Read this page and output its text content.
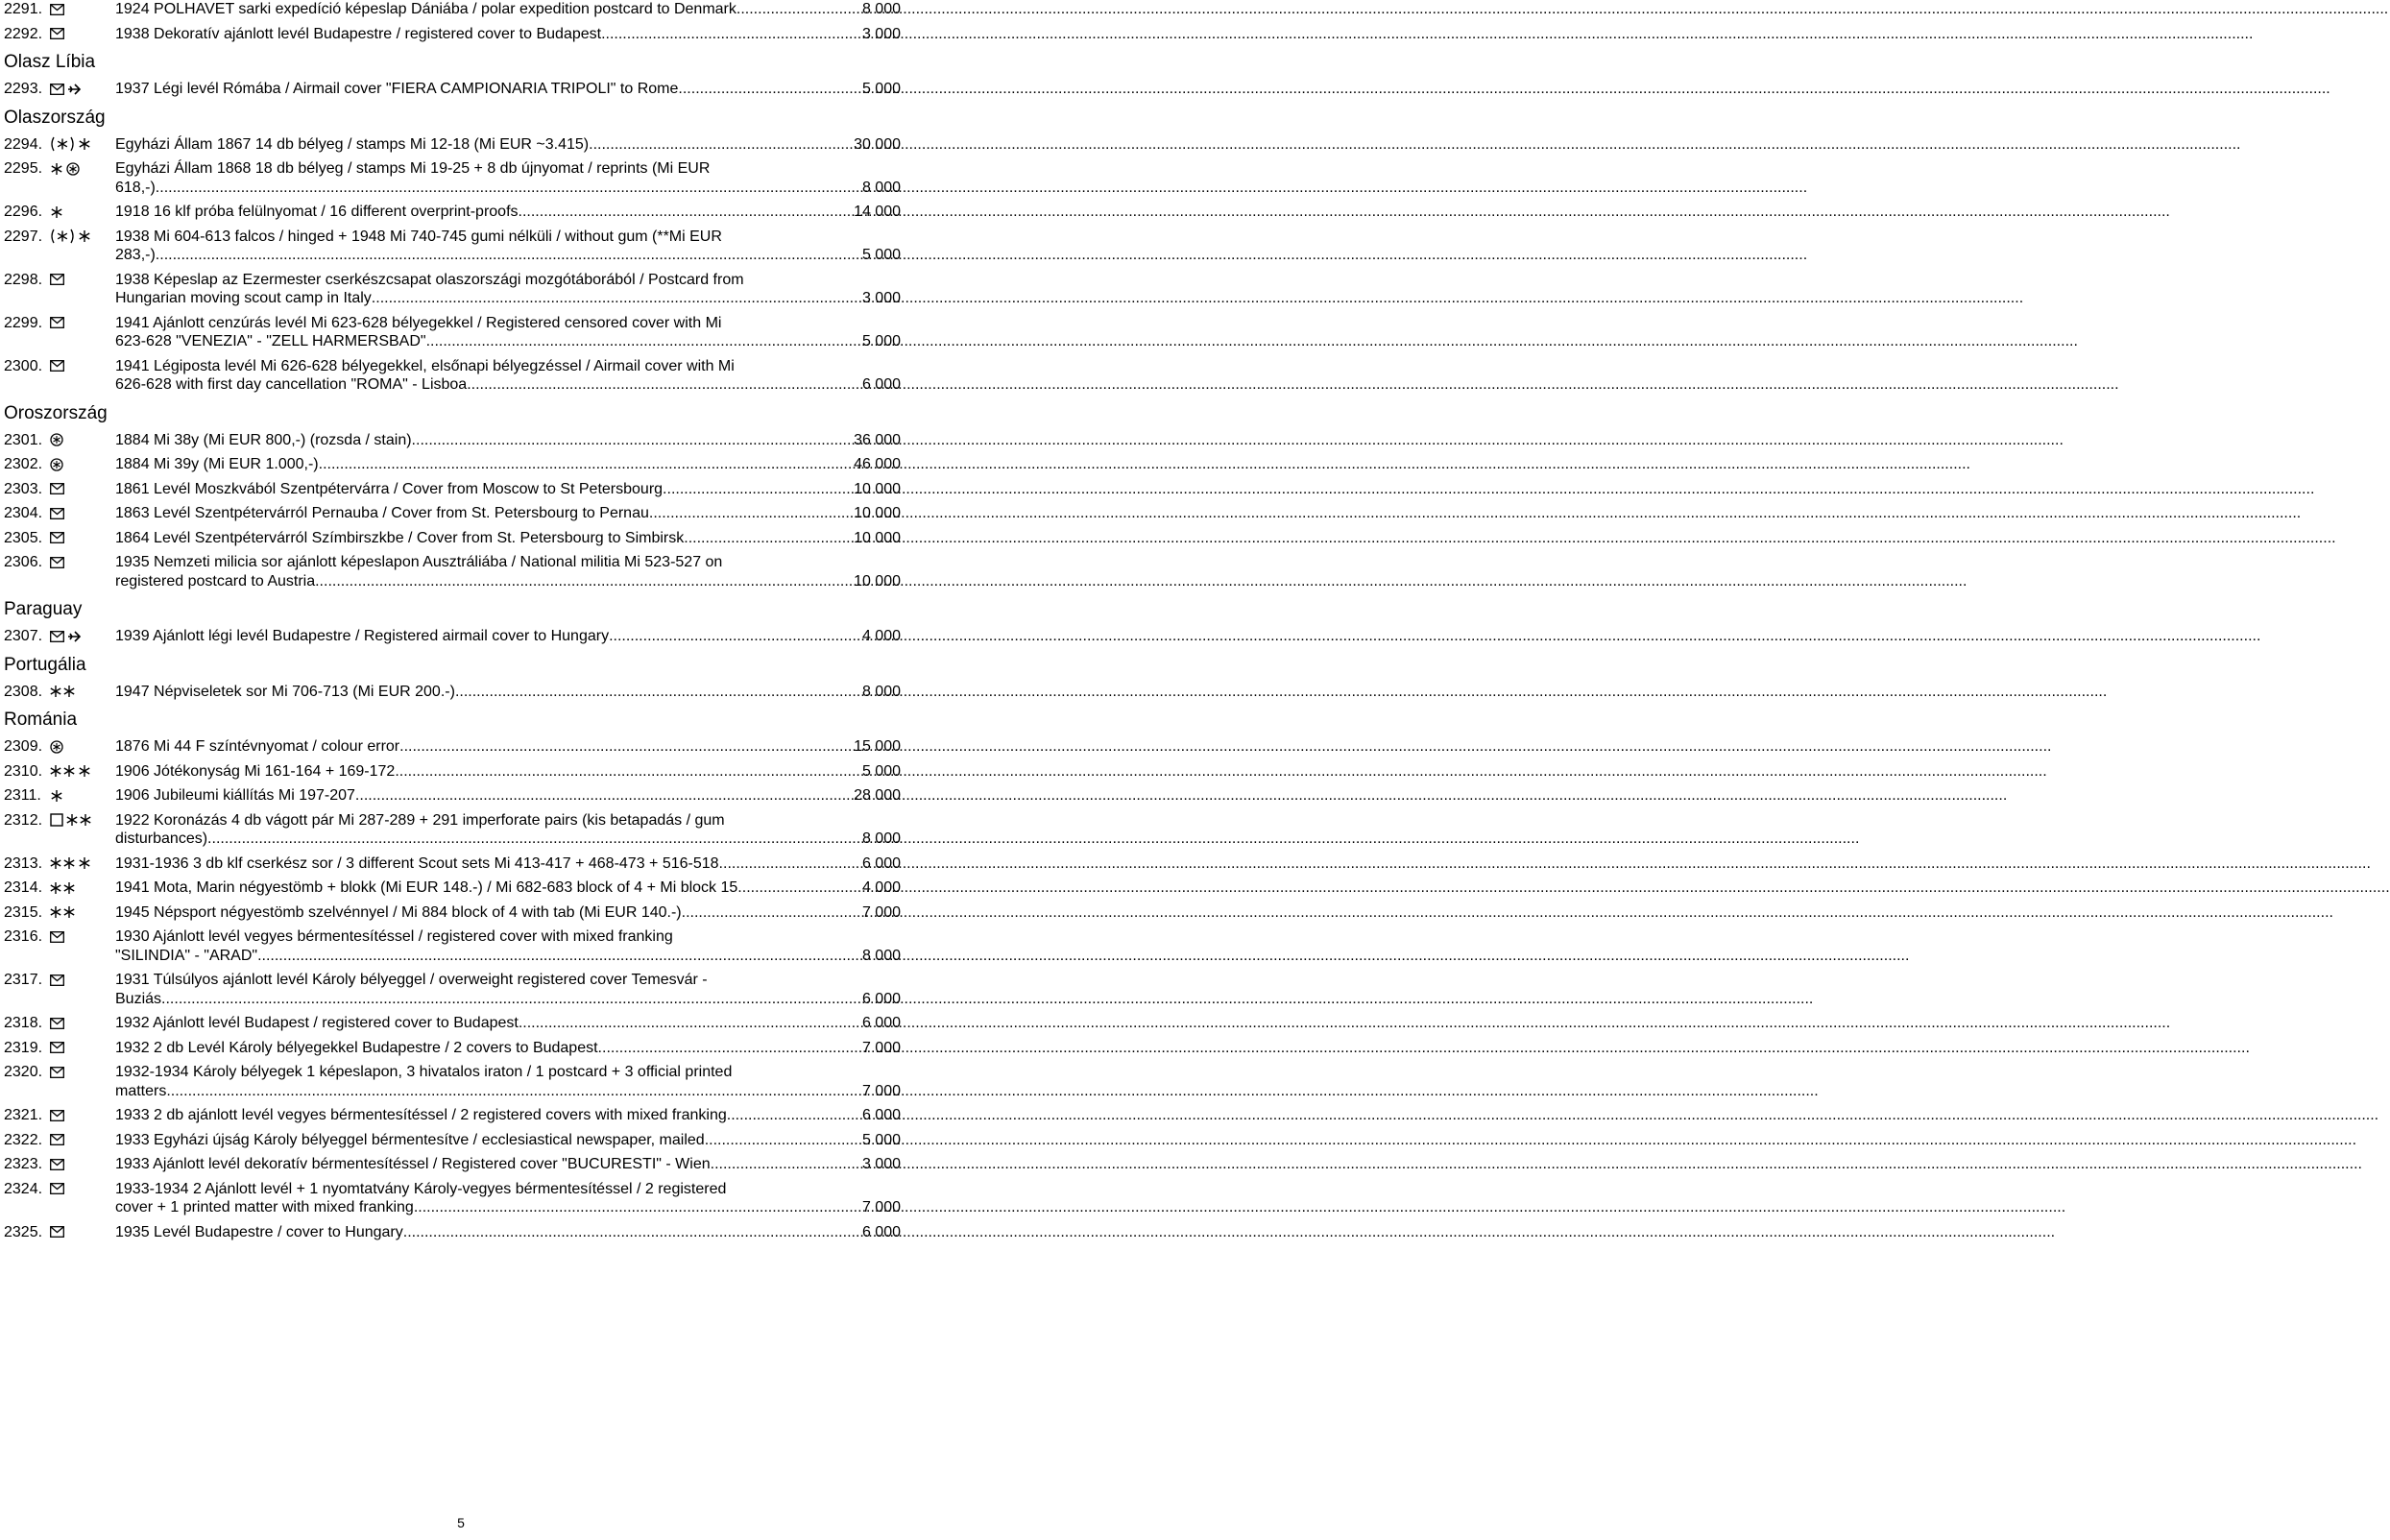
2291.	1924 POLHAVET sarki expedíció képeslap Dániába / polar expedition postcard to Denmark .....	8 000
2292.	1938 Dekoratív ajánlott levél Budapestre / registered cover to Budapest .....	3 000
Olasz Líbia
2293.	1937 Légi levél Rómába / Airmail cover "FIERA CAMPIONARIA TRIPOLI" to Rome .....	5 000
Olaszország
2294.	Egyházi Állam 1867 14 db bélyeg / stamps Mi 12-18 (Mi EUR ~3.415) .....	30 000
2295.	Egyházi Állam 1868 18 db bélyeg / stamps Mi 19-25 + 8 db újnyomat / reprints (Mi EUR
618,-) .....	8 000
2296.	1918 16 klf próba felülnyomat / 16 different overprint-proofs .....	14 000
2297.	1938 Mi 604-613 falcos / hinged + 1948 Mi 740-745 gumi nélküli / without gum (**Mi EUR
283,-) .....	5 000
2298.	1938 Képeslap az Ezermester cserkészcsapat olaszországi mozgótáborából / Postcard from
Hungarian moving scout camp in Italy .....	3 000
2299.	1941 Ajánlott cenzúrás levél Mi 623-628 bélyegekkel / Registered censored cover with Mi
623-628 "VENEZIA" - "ZELL HARMERSBAD" .....	5 000
2300.	1941 Légiposta levél Mi 626-628 bélyegekkel, elsőnapi bélyegzéssel / Airmail cover with Mi
626-628 with first day cancellation "ROMA" - Lisboa .....	6 000
Oroszország
2301.	1884 Mi 38y (Mi EUR 800,-) (rozsda / stain) .....	36 000
2302.	1884 Mi 39y (Mi EUR 1.000,-) .....	46 000
2303.	1861 Levél Moszkvából Szentpétervárra / Cover from Moscow to St Petersbourg .....	10 000
2304.	1863 Levél Szentpétervárról Pernauba / Cover from St. Petersbourg to Pernau .....	10 000
2305.	1864 Levél Szentpétervárról Szímbirszkbe / Cover from St. Petersbourg to Simbirsk .....	10 000
2306.	1935 Nemzeti milicia sor ajánlott képeslapon Ausztráliába / National militia Mi 523-527 on
registered postcard to Austria .....	10 000
Paraguay
2307.	1939 Ajánlott légi levél Budapestre / Registered airmail cover to Hungary .....	4 000
Portugália
2308.	1947 Népviseletek sor Mi 706-713 (Mi EUR 200.-) .....	8 000
Románia
2309.	1876 Mi 44 F színtévnyomat / colour error .....	15 000
2310.	1906 Jótékonyság Mi 161-164 + 169-172 .....	5 000
2311.	1906 Jubileumi kiállítás Mi 197-207 .....	28 000
2312.	1922 Koronázás 4 db vágott pár Mi 287-289 + 291 imperforate pairs (kis betapadás / gum
disturbances) .....	8 000
2313.	1931-1936 3 db klf cserkész sor / 3 different Scout sets Mi 413-417 + 468-473 + 516-518 .....	6 000
2314.	1941 Mota, Marin négyestömb + blokk (Mi EUR 148.-) / Mi 682-683 block of 4 + Mi block 15 .....	4 000
2315.	1945 Népsport négyestömb szelvénnyel / Mi 884 block of 4 with tab (Mi EUR 140.-) .....	7 000
2316.	1930 Ajánlott levél vegyes bérmentesítéssel / registered cover with mixed franking
"SILINDIA" - "ARAD" .....	8 000
2317.	1931 Túlsúlyos ajánlott levél Károly bélyeggel / overweight registered cover Temesvár -
Buziás .....	6 000
2318.	1932 Ajánlott levél Budapest / registered cover to Budapest .....	6 000
2319.	1932 2 db Levél Károly bélyegekkel Budapestre / 2 covers to Budapest .....	7 000
2320.	1932-1934 Károly bélyegek 1 képeslapon, 3 hivatalos iraton / 1 postcard + 3 official printed
matters .....	7 000
2321.	1933 2 db ajánlott levél vegyes bérmentesítéssel / 2 registered covers with mixed franking .....	6 000
2322.	1933 Egyházi újság Károly bélyeggel bérmentesítve / ecclesiastical newspaper, mailed .....	5 000
2323.	1933 Ajánlott levél dekoratív bérmentesítéssel / Registered cover "BUCURESTI" - Wien .....	3 000
2324.	1933-1934 2 Ajánlott levél + 1 nyomtatvány Károly-vegyes bérmentesítéssel / 2 registered
cover + 1 printed matter with mixed franking .....	7 000
2325.	1935 Levél Budapestre / cover to Hungary .....	6 000
5
